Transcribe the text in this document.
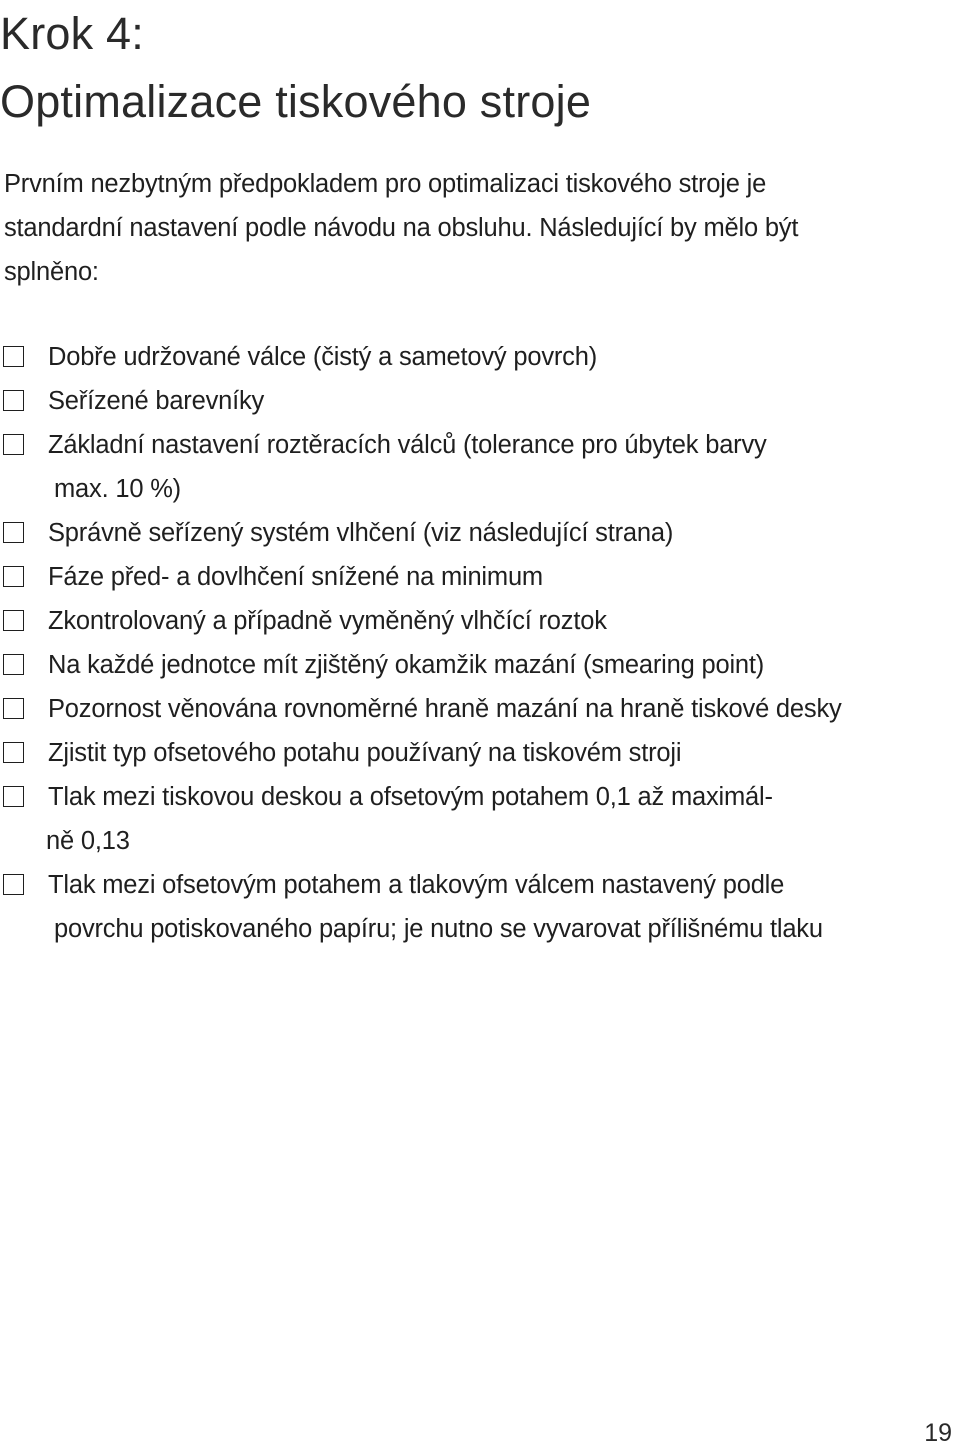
Krok 4:
Optimalizace tiskového stroje

Prvním nezbytným předpokladem pro optimalizaci tiskového stroje je
standardní nastavení podle návodu na obsluhu. Následující by mělo být
splněno:

Dobře udržované válce (čistý a sametový povrch)
Seřízené barevníky
Základní nastavení roztěracích válců (tolerance pro úbytek barvy
max. 10 %)
Správně seřízený systém vlhčení (viz následující strana)
Fáze před- a dovlhčení snížené na minimum
Zkontrolovaný a případně vyměněný vlhčící roztok
Na každé jednotce mít zjištěný okamžik mazání (smearing point)
Pozornost věnována rovnoměrné hraně mazání na hraně tiskové desky
Zjistit typ ofsetového potahu používaný na tiskovém stroji
Tlak mezi tiskovou deskou a ofsetovým potahem 0,1 až maximál-
ně 0,13
Tlak mezi ofsetovým potahem a tlakovým válcem nastavený podle
povrchu potiskovaného papíru; je nutno se vyvarovat přílišnému tlaku
19
